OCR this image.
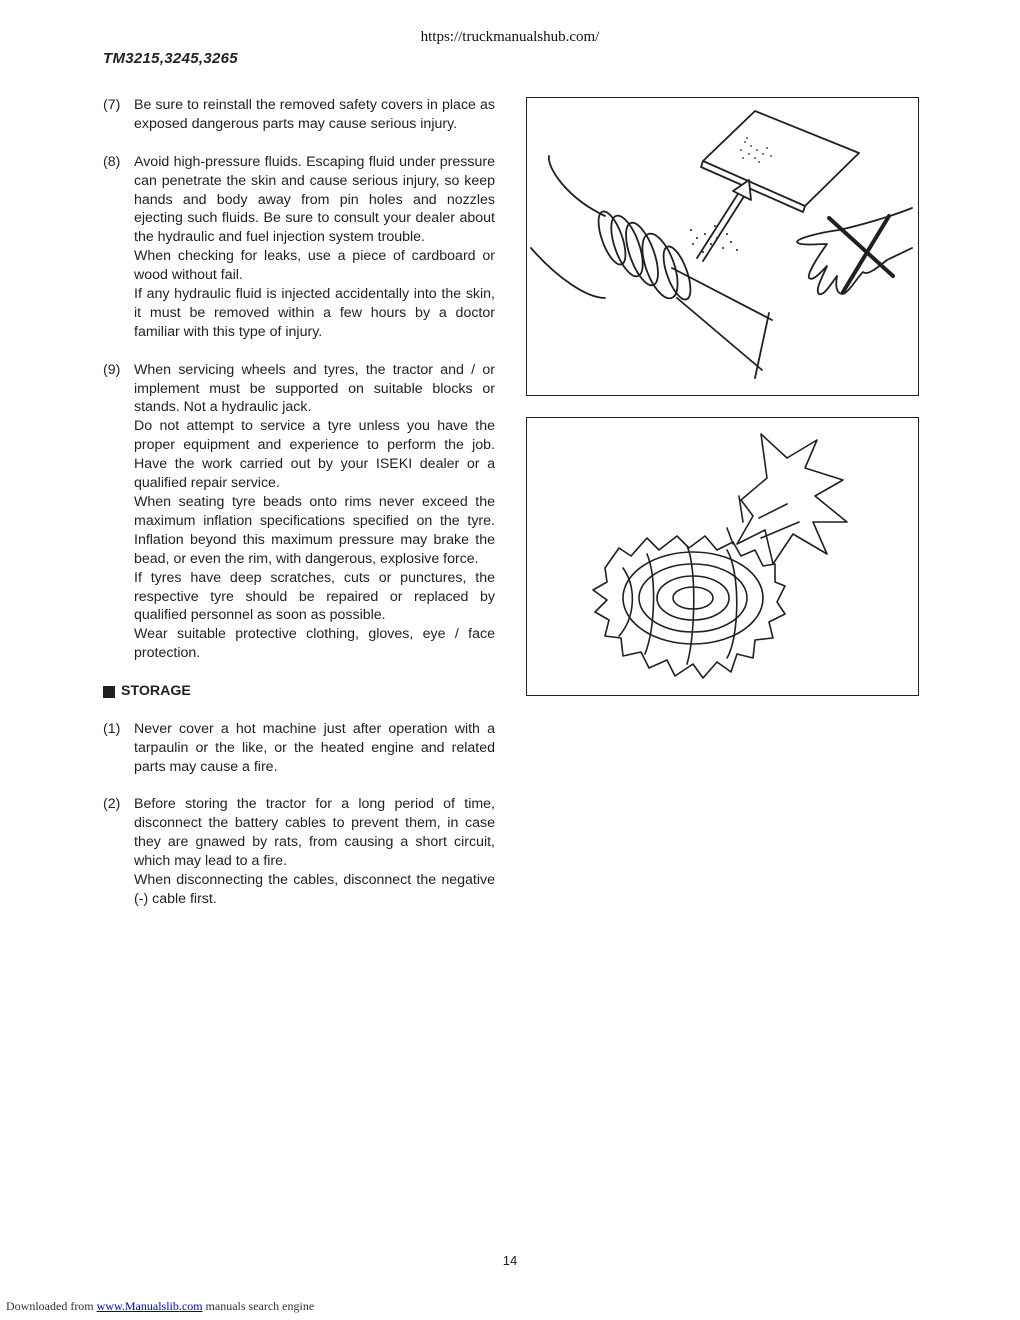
https://truckmanualshub.com/
TM3215,3245,3265
(7) Be sure to reinstall the removed safety covers in place as exposed dangerous parts may cause serious injury.

(8) Avoid high-pressure fluids. Escaping fluid under pressure can penetrate the skin and cause serious injury, so keep hands and body away from pin holes and nozzles ejecting such fluids. Be sure to consult your dealer about the hydraulic and fuel injection system trouble.

When checking for leaks, use a piece of cardboard or wood without fail.

If any hydraulic fluid is injected accidentally into the skin, it must be removed within a few hours by a doctor familiar with this type of injury.

(9) When servicing wheels and tyres, the tractor and / or implement must be supported on suitable blocks or stands. Not a hydraulic jack.

Do not attempt to service a tyre unless you have the proper equipment and experience to perform the job. Have the work carried out by your ISEKI dealer or a qualified repair service.

When seating tyre beads onto rims never exceed the maximum inflation specifications specified on the tyre. Inflation beyond this maximum pressure may brake the bead, or even the rim, with dangerous, explosive force.

If tyres have deep scratches, cuts or punctures, the respective tyre should be repaired or replaced by qualified personnel as soon as possible.

Wear suitable protective clothing, gloves, eye / face protection.

STORAGE
(1) Never cover a hot machine just after operation with a tarpaulin or the like, or the heated engine and related parts may cause a fire.

(2) Before storing the tractor for a long period of time, disconnect the battery cables to prevent them, in case they are gnawed by rats, from causing a short circuit, which may lead to a fire.

When disconnecting the cables, disconnect the negative (-) cable first.

14
Downloaded from www.Manualslib.com manuals search engine
